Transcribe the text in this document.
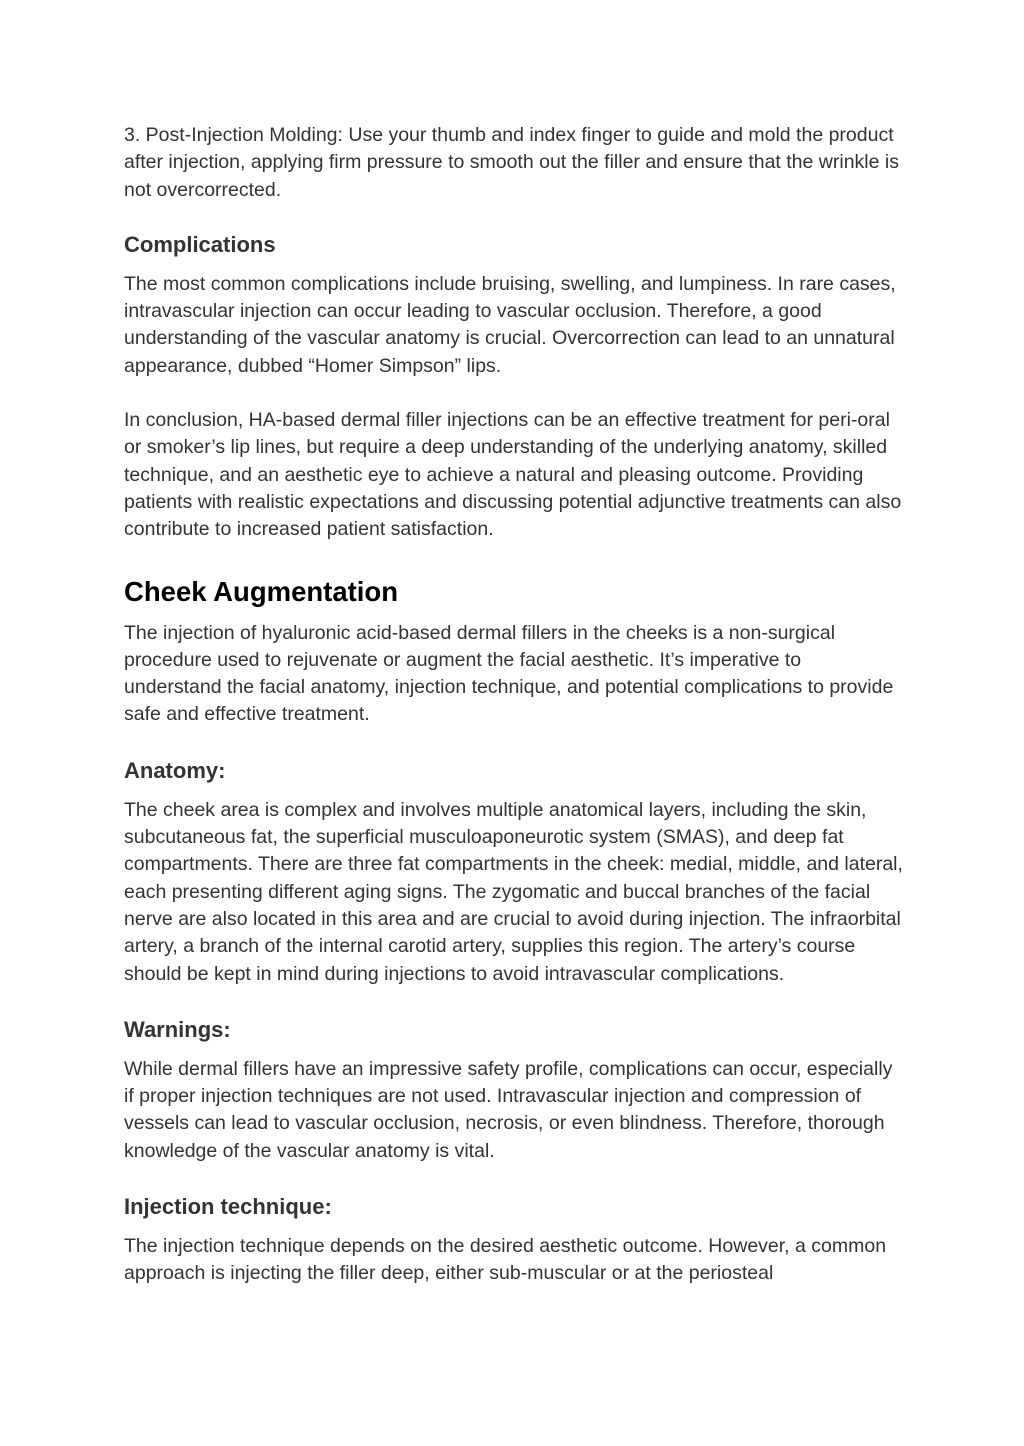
3. Post-Injection Molding: Use your thumb and index finger to guide and mold the product after injection, applying firm pressure to smooth out the filler and ensure that the wrinkle is not overcorrected.

Complications

The most common complications include bruising, swelling, and lumpiness. In rare cases, intravascular injection can occur leading to vascular occlusion. Therefore, a good understanding of the vascular anatomy is crucial. Overcorrection can lead to an unnatural appearance, dubbed “Homer Simpson” lips.

In conclusion, HA-based dermal filler injections can be an effective treatment for peri-oral or smoker’s lip lines, but require a deep understanding of the underlying anatomy, skilled technique, and an aesthetic eye to achieve a natural and pleasing outcome. Providing patients with realistic expectations and discussing potential adjunctive treatments can also contribute to increased patient satisfaction.

Cheek Augmentation

The injection of hyaluronic acid-based dermal fillers in the cheeks is a non-surgical procedure used to rejuvenate or augment the facial aesthetic. It’s imperative to understand the facial anatomy, injection technique, and potential complications to provide safe and effective treatment.

Anatomy:

The cheek area is complex and involves multiple anatomical layers, including the skin, subcutaneous fat, the superficial musculoaponeurotic system (SMAS), and deep fat compartments. There are three fat compartments in the cheek: medial, middle, and lateral, each presenting different aging signs. The zygomatic and buccal branches of the facial nerve are also located in this area and are crucial to avoid during injection. The infraorbital artery, a branch of the internal carotid artery, supplies this region. The artery’s course should be kept in mind during injections to avoid intravascular complications.

Warnings:

While dermal fillers have an impressive safety profile, complications can occur, especially if proper injection techniques are not used. Intravascular injection and compression of vessels can lead to vascular occlusion, necrosis, or even blindness. Therefore, thorough knowledge of the vascular anatomy is vital.

Injection technique:

The injection technique depends on the desired aesthetic outcome. However, a common approach is injecting the filler deep, either sub-muscular or at the periosteal
